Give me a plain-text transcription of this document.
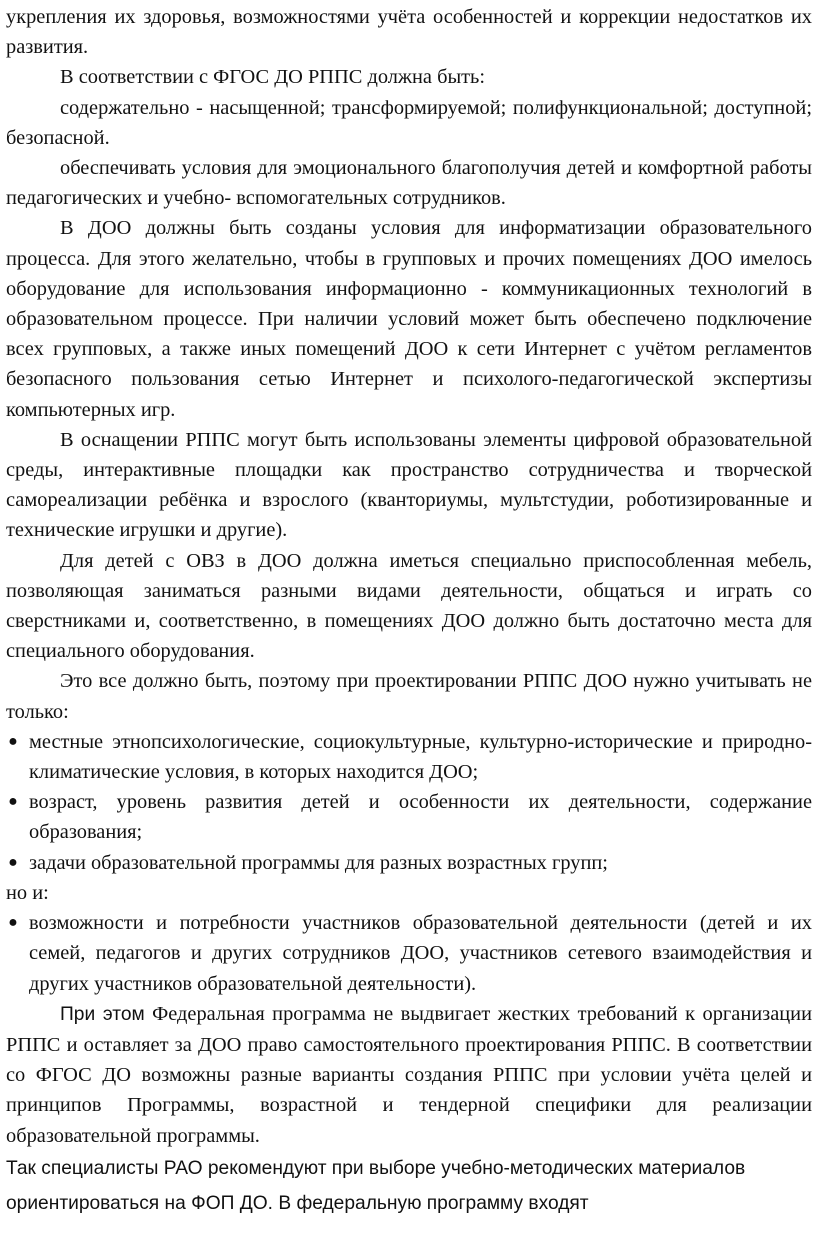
укрепления их здоровья, возможностями учёта особенностей и коррекции недостатков их развития.

В соответствии с ФГОС ДО РППС должна быть:

содержательно - насыщенной; трансформируемой; полифункциональной; доступной; безопасной.

обеспечивать условия для эмоционального благополучия детей и комфортной работы педагогических и учебно- вспомогательных сотрудников.

В ДОО должны быть созданы условия для информатизации образовательного процесса. Для этого желательно, чтобы в групповых и прочих помещениях ДОО имелось оборудование для использования информационно - коммуникационных технологий в образовательном процессе. При наличии условий может быть обеспечено подключение всех групповых, а также иных помещений ДОО к сети Интернет с учётом регламентов безопасного пользования сетью Интернет и психолого-педагогической экспертизы компьютерных игр.

В оснащении РППС могут быть использованы элементы цифровой образовательной среды, интерактивные площадки как пространство сотрудничества и творческой самореализации ребёнка и взрослого (кванториумы, мультстудии, роботизированные и технические игрушки и другие).

Для детей с ОВЗ в ДОО должна иметься специально приспособленная мебель, позволяющая заниматься разными видами деятельности, общаться и играть со сверстниками и, соответственно, в помещениях ДОО должно быть достаточно места для специального оборудования.

Это все должно быть, поэтому при проектировании РППС ДОО нужно учитывать не только:

● местные этнопсихологические, социокультурные, культурно-исторические и природно-климатические условия, в которых находится ДОО;
● возраст, уровень развития детей и особенности их деятельности, содержание образования;
● задачи образовательной программы для разных возрастных групп;

но и:

● возможности и потребности участников образовательной деятельности (детей и их семей, педагогов и других сотрудников ДОО, участников сетевого взаимодействия и других участников образовательной деятельности).

При этом Федеральная программа не выдвигает жестких требований к организации РППС и оставляет за ДОО право самостоятельного проектирования РППС. В соответствии со ФГОС ДО возможны разные варианты создания РППС при условии учёта целей и принципов Программы, возрастной и тендерной специфики для реализации образовательной программы.

Так специалисты РАО рекомендуют при выборе учебно-методических материалов ориентироваться на ФОП ДО. В федеральную программу входят
